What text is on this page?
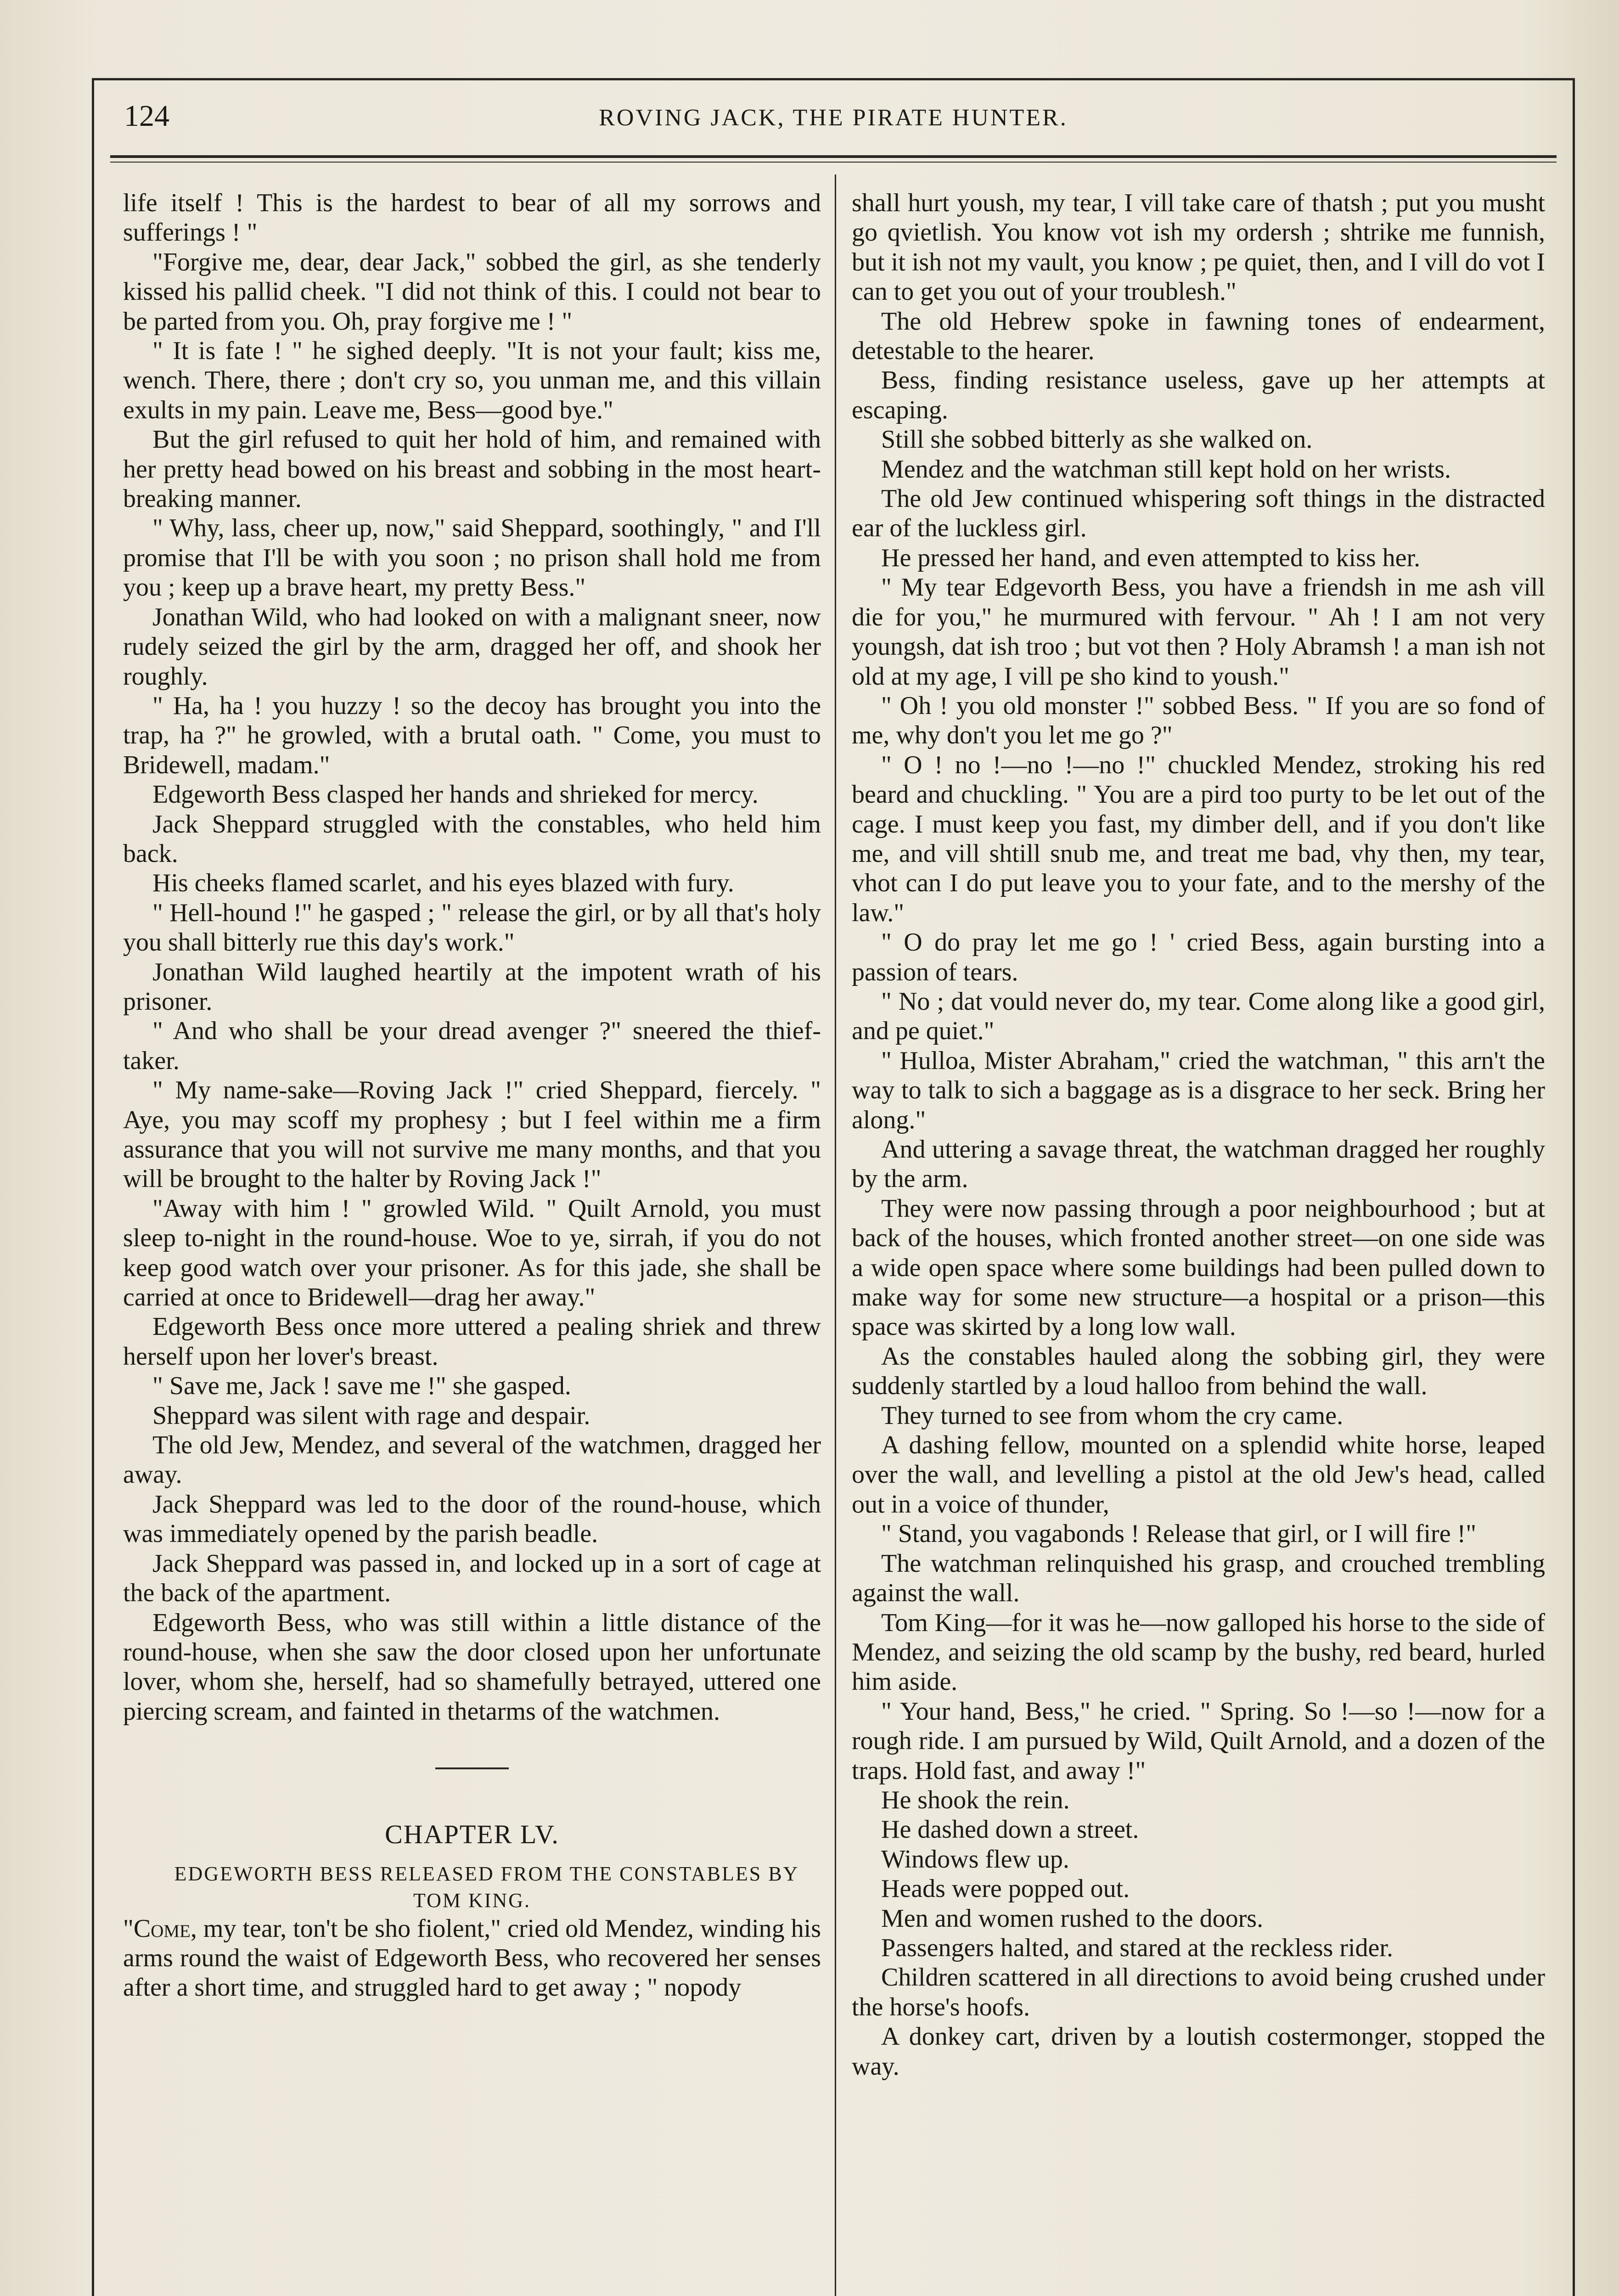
124	ROVING JACK, THE PIRATE HUNTER.

life itself ! This is the hardest to bear of all my sorrows and sufferings ! "

"Forgive me, dear, dear Jack," sobbed the girl, as she tenderly kissed his pallid cheek. "I did not think of this. I could not bear to be parted from you. Oh, pray forgive me ! "

" It is fate ! " he sighed deeply. "It is not your fault; kiss me, wench. There, there ; don't cry so, you unman me, and this villain exults in my pain. Leave me, Bess—good bye."

But the girl refused to quit her hold of him, and remained with her pretty head bowed on his breast and sobbing in the most heart-breaking manner.

" Why, lass, cheer up, now," said Sheppard, soothingly, " and I'll promise that I'll be with you soon ; no prison shall hold me from you ; keep up a brave heart, my pretty Bess."

Jonathan Wild, who had looked on with a malignant sneer, now rudely seized the girl by the arm, dragged her off, and shook her roughly.

" Ha, ha ! you huzzy ! so the decoy has brought you into the trap, ha ?" he growled, with a brutal oath. " Come, you must to Bridewell, madam."

Edgeworth Bess clasped her hands and shrieked for mercy.

Jack Sheppard struggled with the constables, who held him back.

His cheeks flamed scarlet, and his eyes blazed with fury.

" Hell-hound !" he gasped ; " release the girl, or by all that's holy you shall bitterly rue this day's work."

Jonathan Wild laughed heartily at the impotent wrath of his prisoner.

" And who shall be your dread avenger ?" sneered the thief-taker.

" My name-sake—Roving Jack !" cried Sheppard, fiercely. " Aye, you may scoff my prophesy ; but I feel within me a firm assurance that you will not survive me many months, and that you will be brought to the halter by Roving Jack !"

"Away with him ! " growled Wild. " Quilt Arnold, you must sleep to-night in the round-house. Woe to ye, sirrah, if you do not keep good watch over your prisoner. As for this jade, she shall be carried at once to Bridewell—drag her away."

Edgeworth Bess once more uttered a pealing shriek and threw herself upon her lover's breast.

" Save me, Jack ! save me !" she gasped.

Sheppard was silent with rage and despair.

The old Jew, Mendez, and several of the watchmen, dragged her away.

Jack Sheppard was led to the door of the round-house, which was immediately opened by the parish beadle.

Jack Sheppard was passed in, and locked up in a sort of cage at the back of the apartment.

Edgeworth Bess, who was still within a little distance of the round-house, when she saw the door closed upon her unfortunate lover, whom she, herself, had so shamefully betrayed, uttered one piercing scream, and fainted in thetarms of the watchmen.

CHAPTER LV.

EDGEWORTH BESS RELEASED FROM THE CONSTABLES BY TOM KING.

"Come, my tear, ton't be sho fiolent," cried old Mendez, winding his arms round the waist of Edgeworth Bess, who recovered her senses after a short time, and struggled hard to get away ; " nopody

shall hurt yoush, my tear, I vill take care of thatsh ; put you musht go qvietlish. You know vot ish my ordersh ; shtrike me funnish, but it ish not my vault, you know ; pe quiet, then, and I vill do vot I can to get you out of your troublesh."

The old Hebrew spoke in fawning tones of endearment, detestable to the hearer.

Bess, finding resistance useless, gave up her attempts at escaping.

Still she sobbed bitterly as she walked on.

Mendez and the watchman still kept hold on her wrists.

The old Jew continued whispering soft things in the distracted ear of the luckless girl.

He pressed her hand, and even attempted to kiss her.

" My tear Edgevorth Bess, you have a friendsh in me ash vill die for you," he murmured with fervour. " Ah ! I am not very youngsh, dat ish troo ; but vot then ? Holy Abramsh ! a man ish not old at my age, I vill pe sho kind to yoush."

" Oh ! you old monster !" sobbed Bess. " If you are so fond of me, why don't you let me go ?"

" O ! no !—no !—no !" chuckled Mendez, stroking his red beard and chuckling. " You are a pird too purty to be let out of the cage. I must keep you fast, my dimber dell, and if you don't like me, and vill shtill snub me, and treat me bad, vhy then, my tear, vhot can I do put leave you to your fate, and to the mershy of the law."

" O do pray let me go ! ' cried Bess, again bursting into a passion of tears.

" No ; dat vould never do, my tear. Come along like a good girl, and pe quiet."

" Hulloa, Mister Abraham," cried the watchman, " this arn't the way to talk to sich a baggage as is a disgrace to her seck. Bring her along."

And uttering a savage threat, the watchman dragged her roughly by the arm.

They were now passing through a poor neighbourhood ; but at back of the houses, which fronted another street—on one side was a wide open space where some buildings had been pulled down to make way for some new structure—a hospital or a prison—this space was skirted by a long low wall.

As the constables hauled along the sobbing girl, they were suddenly startled by a loud halloo from behind the wall.

They turned to see from whom the cry came.

A dashing fellow, mounted on a splendid white horse, leaped over the wall, and levelling a pistol at the old Jew's head, called out in a voice of thunder,

" Stand, you vagabonds ! Release that girl, or I will fire !"

The watchman relinquished his grasp, and crouched trembling against the wall.

Tom King—for it was he—now galloped his horse to the side of Mendez, and seizing the old scamp by the bushy, red beard, hurled him aside.

" Your hand, Bess," he cried. " Spring. So !—so !—now for a rough ride. I am pursued by Wild, Quilt Arnold, and a dozen of the traps. Hold fast, and away !"

He shook the rein.

He dashed down a street.

Windows flew up.

Heads were popped out.

Men and women rushed to the doors.

Passengers halted, and stared at the reckless rider.

Children scattered in all directions to avoid being crushed under the horse's hoofs.

A donkey cart, driven by a loutish costermonger, stopped the way.
